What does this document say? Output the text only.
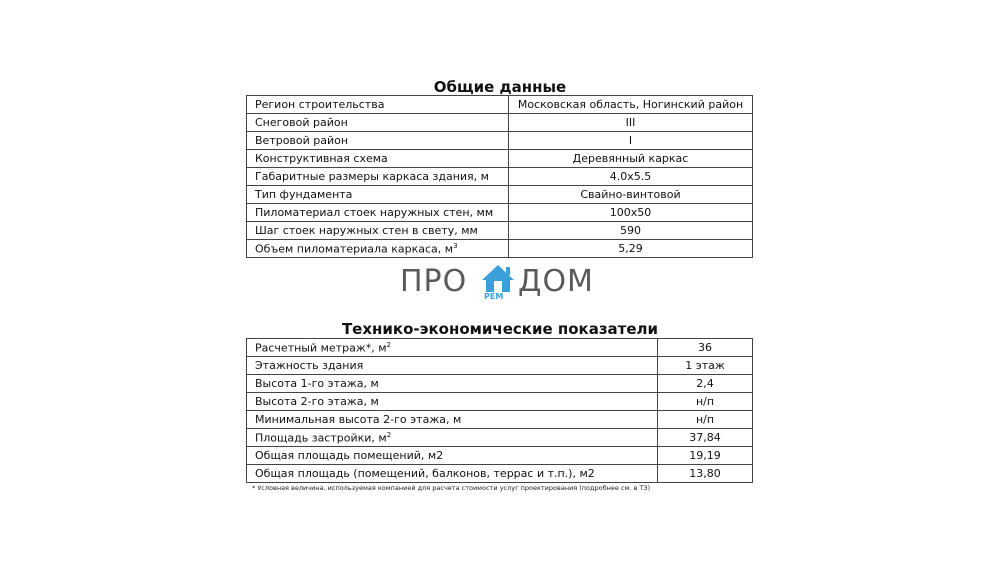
Общие данные
Регион строительства	Московская область, Ногинский район
Снеговой район	III
Ветровой район	I
Конструктивная схема	Деревянный каркас
Габаритные размеры каркаса здания, м	4.0x5.5
Тип фундамента	Свайно-винтовой
Пиломатериал стоек наружных стен, мм	100x50
Шаг стоек наружных стен в свету, мм	590
Объем пиломатериала каркаса, $м^3$	5,29
ПРО РЕМ ДОМ
Технико-экономические показатели
Расчетный метраж*, $м^2$	36
Этажность здания	1 этаж
Высота 1-го этажа, м	2,4
Высота 2-го этажа, м	н/п
Минимальная высота 2-го этажа, м	н/п
Площадь застройки, $м^2$	37,84
Общая площадь помещений, м2	19,19
Общая площадь (помещений, балконов, террас и т.п.), м2	13,80
* Условная величина, используемая компанией для расчета стоимости услуг проектирования (подробнее см. в ТЗ)
